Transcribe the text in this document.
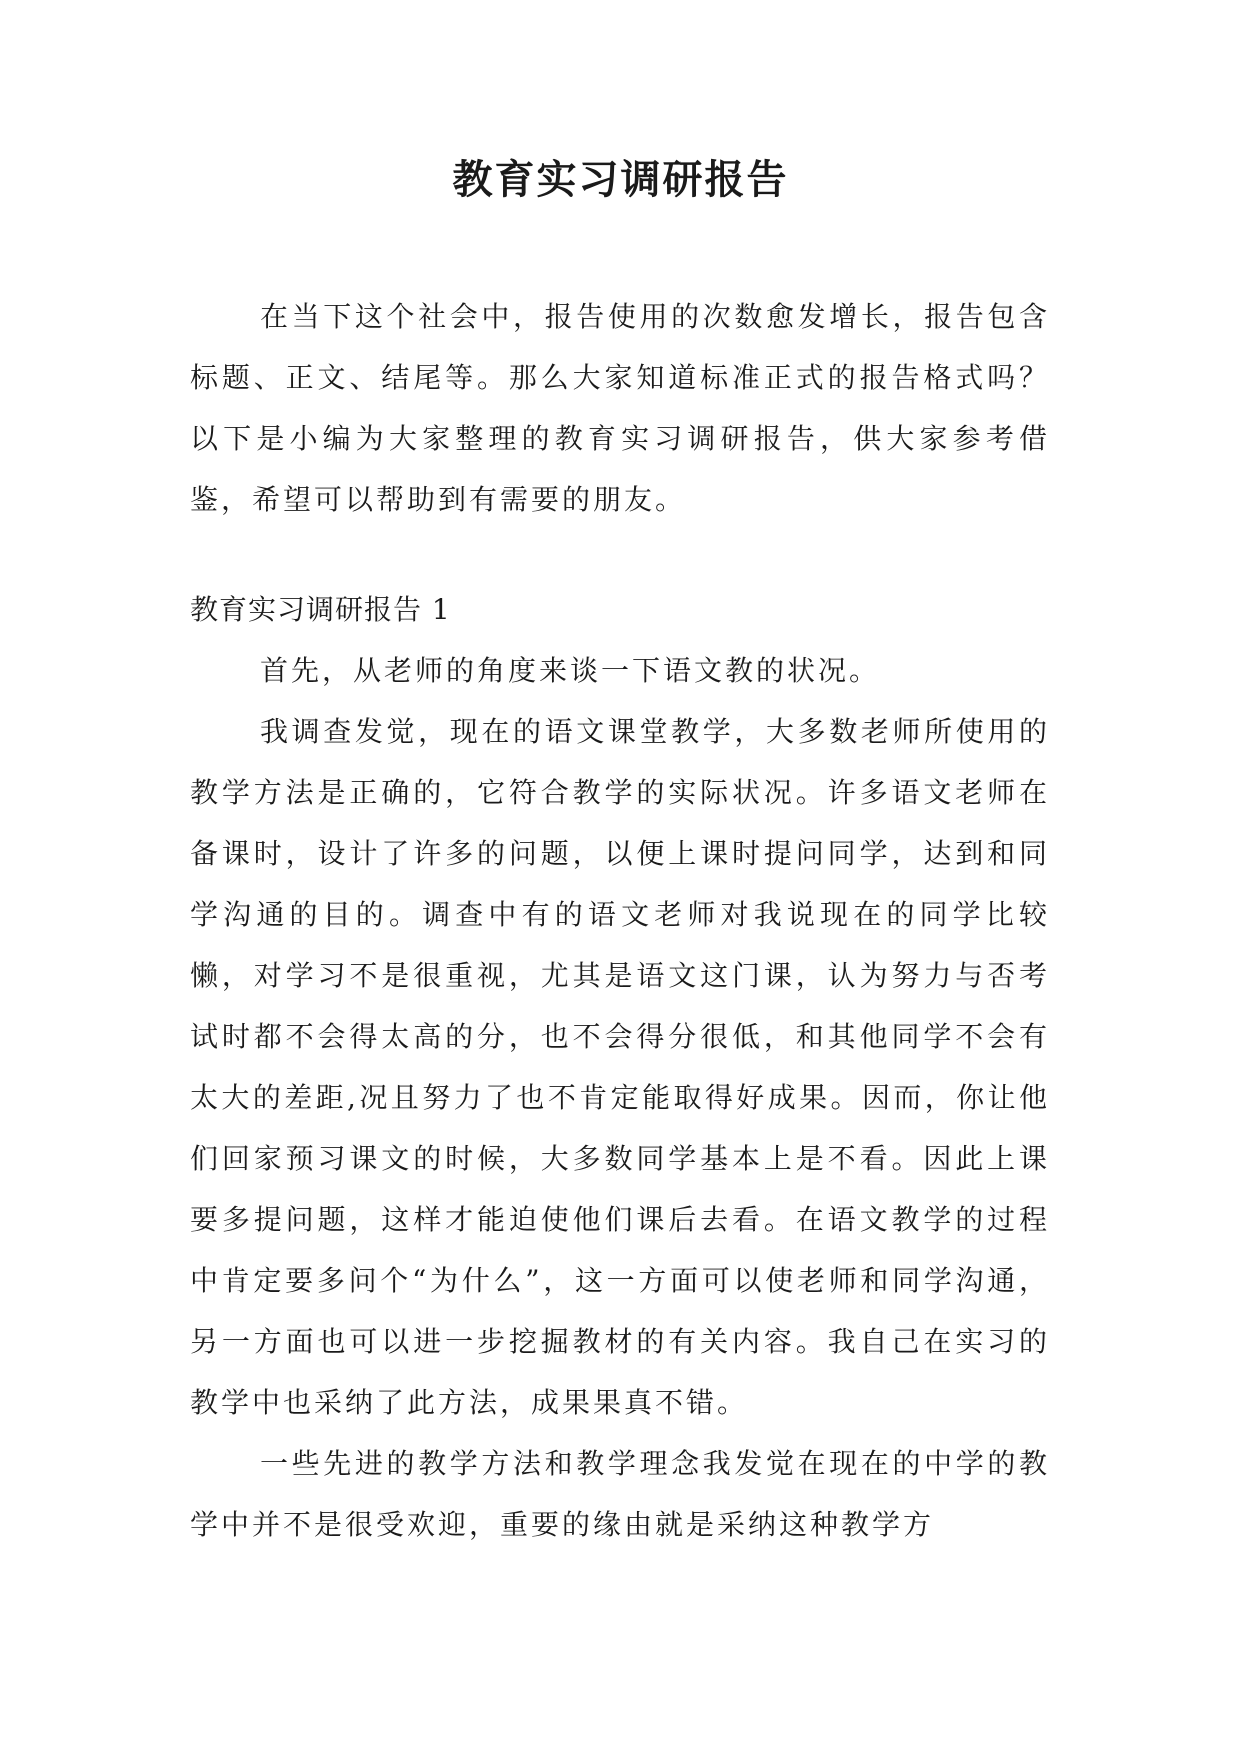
教育实习调研报告

在当下这个社会中，报告使用的次数愈发增长，报告包含标题、正文、结尾等。那么大家知道标准正式的报告格式吗？以下是小编为大家整理的教育实习调研报告，供大家参考借鉴，希望可以帮助到有需要的朋友。

教育实习调研报告 1

首先，从老师的角度来谈一下语文教的状况。

我调查发觉，现在的语文课堂教学，大多数老师所使用的教学方法是正确的，它符合教学的实际状况。许多语文老师在备课时，设计了许多的问题，以便上课时提问同学，达到和同学沟通的目的。调查中有的语文老师对我说现在的同学比较懒，对学习不是很重视，尤其是语文这门课，认为努力与否考试时都不会得太高的分，也不会得分很低，和其他同学不会有太大的差距,况且努力了也不肯定能取得好成果。因而，你让他们回家预习课文的时候，大多数同学基本上是不看。因此上课要多提问题，这样才能迫使他们课后去看。在语文教学的过程中肯定要多问个“为什么”，这一方面可以使老师和同学沟通，另一方面也可以进一步挖掘教材的有关内容。我自己在实习的教学中也采纳了此方法，成果果真不错。

一些先进的教学方法和教学理念我发觉在现在的中学的教学中并不是很受欢迎，重要的缘由就是采纳这种教学方
